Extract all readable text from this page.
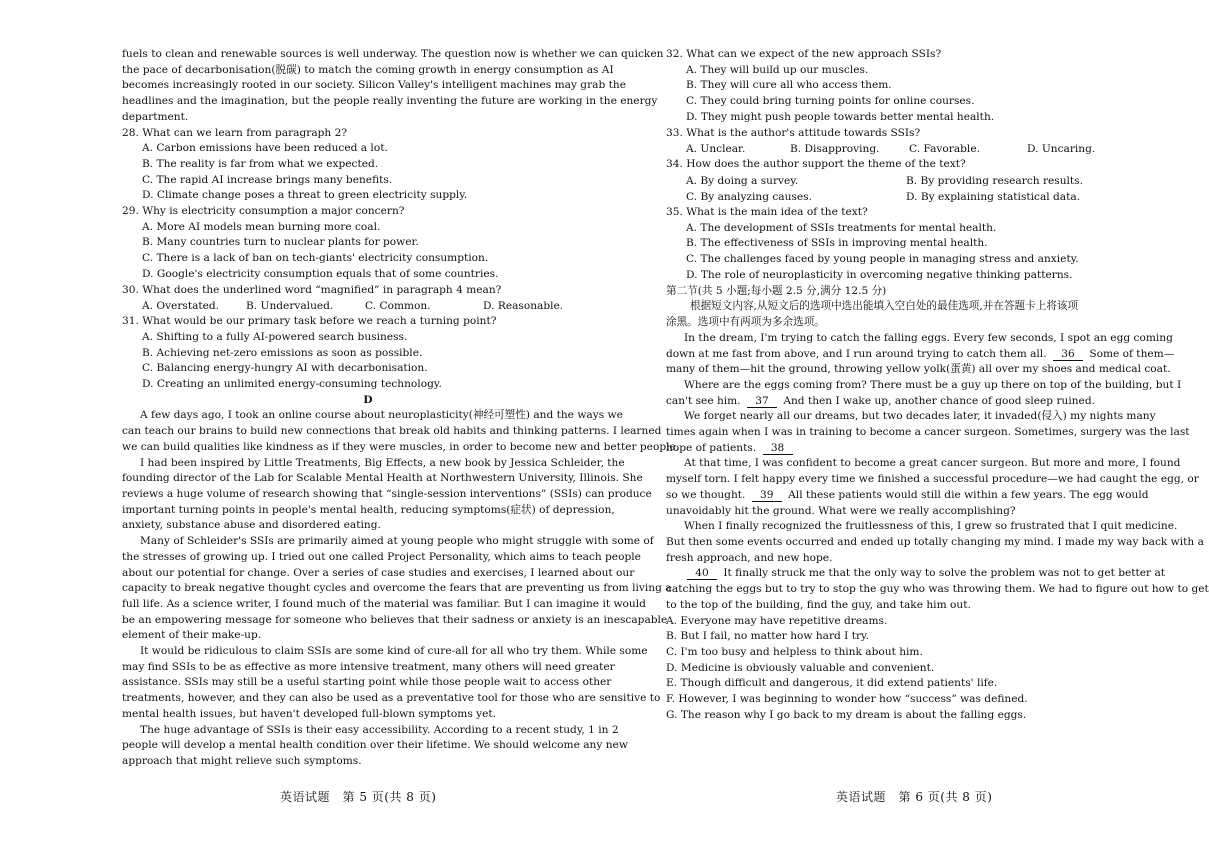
fuels to clean and renewable sources is well underway. The question now is whether we can quicken
the pace of decarbonisation(脱碳) to match the coming growth in energy consumption as AI
becomes increasingly rooted in our society. Silicon Valley's intelligent machines may grab the
headlines and the imagination, but the people really inventing the future are working in the energy
department.
28. What can we learn from paragraph 2?
A. Carbon emissions have been reduced a lot.
B. The reality is far from what we expected.
C. The rapid AI increase brings many benefits.
D. Climate change poses a threat to green electricity supply.
29. Why is electricity consumption a major concern?
A. More AI models mean burning more coal.
B. Many countries turn to nuclear plants for power.
C. There is a lack of ban on tech-giants' electricity consumption.
D. Google's electricity consumption equals that of some countries.
30. What does the underlined word “magnified” in paragraph 4 mean?
A. Overstated.	B. Undervalued.	C. Common.	D. Reasonable.
31. What would be our primary task before we reach a turning point?
A. Shifting to a fully AI-powered search business.
B. Achieving net-zero emissions as soon as possible.
C. Balancing energy-hungry AI with decarbonisation.
D. Creating an unlimited energy-consuming technology.
D
A few days ago, I took an online course about neuroplasticity(神经可塑性) and the ways we
can teach our brains to build new connections that break old habits and thinking patterns. I learned
we can build qualities like kindness as if they were muscles, in order to become new and better people.
I had been inspired by Little Treatments, Big Effects, a new book by Jessica Schleider, the
founding director of the Lab for Scalable Mental Health at Northwestern University, Illinois. She
reviews a huge volume of research showing that “single-session interventions” (SSIs) can produce
important turning points in people's mental health, reducing symptoms(症状) of depression,
anxiety, substance abuse and disordered eating.
Many of Schleider's SSIs are primarily aimed at young people who might struggle with some of
the stresses of growing up. I tried out one called Project Personality, which aims to teach people
about our potential for change. Over a series of case studies and exercises, I learned about our
capacity to break negative thought cycles and overcome the fears that are preventing us from living a
full life. As a science writer, I found much of the material was familiar. But I can imagine it would
be an empowering message for someone who believes that their sadness or anxiety is an inescapable
element of their make-up.
It would be ridiculous to claim SSIs are some kind of cure-all for all who try them. While some
may find SSIs to be as effective as more intensive treatment, many others will need greater
assistance. SSIs may still be a useful starting point while those people wait to access other
treatments, however, and they can also be used as a preventative tool for those who are sensitive to
mental health issues, but haven't developed full-blown symptoms yet.
The huge advantage of SSIs is their easy accessibility. According to a recent study, 1 in 2
people will develop a mental health condition over their lifetime. We should welcome any new
approach that might relieve such symptoms.
英语试题　第 5 页(共 8 页)
32. What can we expect of the new approach SSIs?
A. They will build up our muscles.
B. They will cure all who access them.
C. They could bring turning points for online courses.
D. They might push people towards better mental health.
33. What is the author's attitude towards SSIs?
A. Unclear.	B. Disapproving.	C. Favorable.	D. Uncaring.
34. How does the author support the theme of the text?
A. By doing a survey.	B. By providing research results.
C. By analyzing causes.	D. By explaining statistical data.
35. What is the main idea of the text?
A. The development of SSIs treatments for mental health.
B. The effectiveness of SSIs in improving mental health.
C. The challenges faced by young people in managing stress and anxiety.
D. The role of neuroplasticity in overcoming negative thinking patterns.
第二节(共 5 小题;每小题 2.5 分,满分 12.5 分)
根据短文内容,从短文后的选项中选出能填入空白处的最佳选项,并在答题卡上将该项
涂黑。选项中有两项为多余选项。
In the dream, I'm trying to catch the falling eggs. Every few seconds, I spot an egg coming
down at me fast from above, and I run around trying to catch them all. 36 Some of them—
many of them—hit the ground, throwing yellow yolk(蛋黄) all over my shoes and medical coat.
Where are the eggs coming from? There must be a guy up there on top of the building, but I
can't see him. 37 And then I wake up, another chance of good sleep ruined.
We forget nearly all our dreams, but two decades later, it invaded(侵入) my nights many
times again when I was in training to become a cancer surgeon. Sometimes, surgery was the last
hope of patients. 38
At that time, I was confident to become a great cancer surgeon. But more and more, I found
myself torn. I felt happy every time we finished a successful procedure—we had caught the egg, or
so we thought. 39 All these patients would still die within a few years. The egg would
unavoidably hit the ground. What were we really accomplishing?
When I finally recognized the fruitlessness of this, I grew so frustrated that I quit medicine.
But then some events occurred and ended up totally changing my mind. I made my way back with a
fresh approach, and new hope.
40 It finally struck me that the only way to solve the problem was not to get better at
catching the eggs but to try to stop the guy who was throwing them. We had to figure out how to get
to the top of the building, find the guy, and take him out.
A. Everyone may have repetitive dreams.
B. But I fail, no matter how hard I try.
C. I'm too busy and helpless to think about him.
D. Medicine is obviously valuable and convenient.
E. Though difficult and dangerous, it did extend patients' life.
F. However, I was beginning to wonder how “success” was defined.
G. The reason why I go back to my dream is about the falling eggs.
英语试题　第 6 页(共 8 页)
